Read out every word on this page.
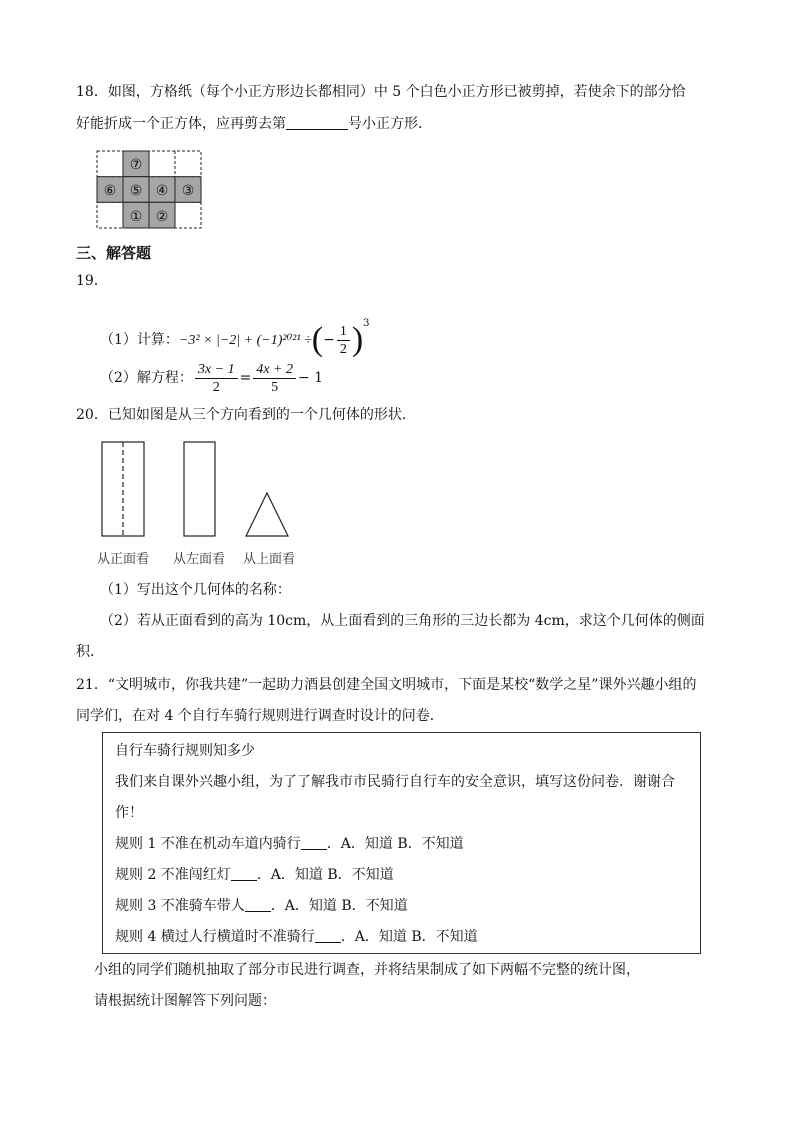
18．如图，方格纸（每个小正方形边长都相同）中 5 个白色小正方形已被剪掉，若使余下的部分恰
好能折成一个正方体，应再剪去第	号小正方形．
⑦
⑥ ⑤ ④ ③
① ②
三、解答题
19．
（1）计算：−3² × |−2| + (−1)²⁰²¹ ÷(− $\frac{1}{2} )^3$
（2）解方程： $\frac{3x - 1}{2} = \frac{4x + 2}{5} - 1$
20．已知如图是从三个方向看到的一个几何体的形状．
从正面看 从左面看 从上面看
（1）写出这个几何体的名称：
（2）若从正面看到的高为 10cm，从上面看到的三角形的三边长都为 4cm，求这个几何体的侧面
积．
21．“文明城市，你我共建”一起助力酒县创建全国文明城市，下面是某校“数学之星”课外兴趣小组的
同学们，在对 4 个自行车骑行规则进行调查时设计的问卷．
自行车骑行规则知多少
我们来自课外兴趣小组，为了了解我市市民骑行自行车的安全意识，填写这份问卷．谢谢合
作！
规则 1 不准在机动车道内骑行 ．A．知道 B．不知道
规则 2 不准闯红灯 ．A．知道 B．不知道
规则 3 不准骑车带人 ．A．知道 B．不知道
规则 4 横过人行横道时不准骑行 ．A．知道 B．不知道
小组的同学们随机抽取了部分市民进行调查，并将结果制成了如下两幅不完整的统计图，
请根据统计图解答下列问题：
